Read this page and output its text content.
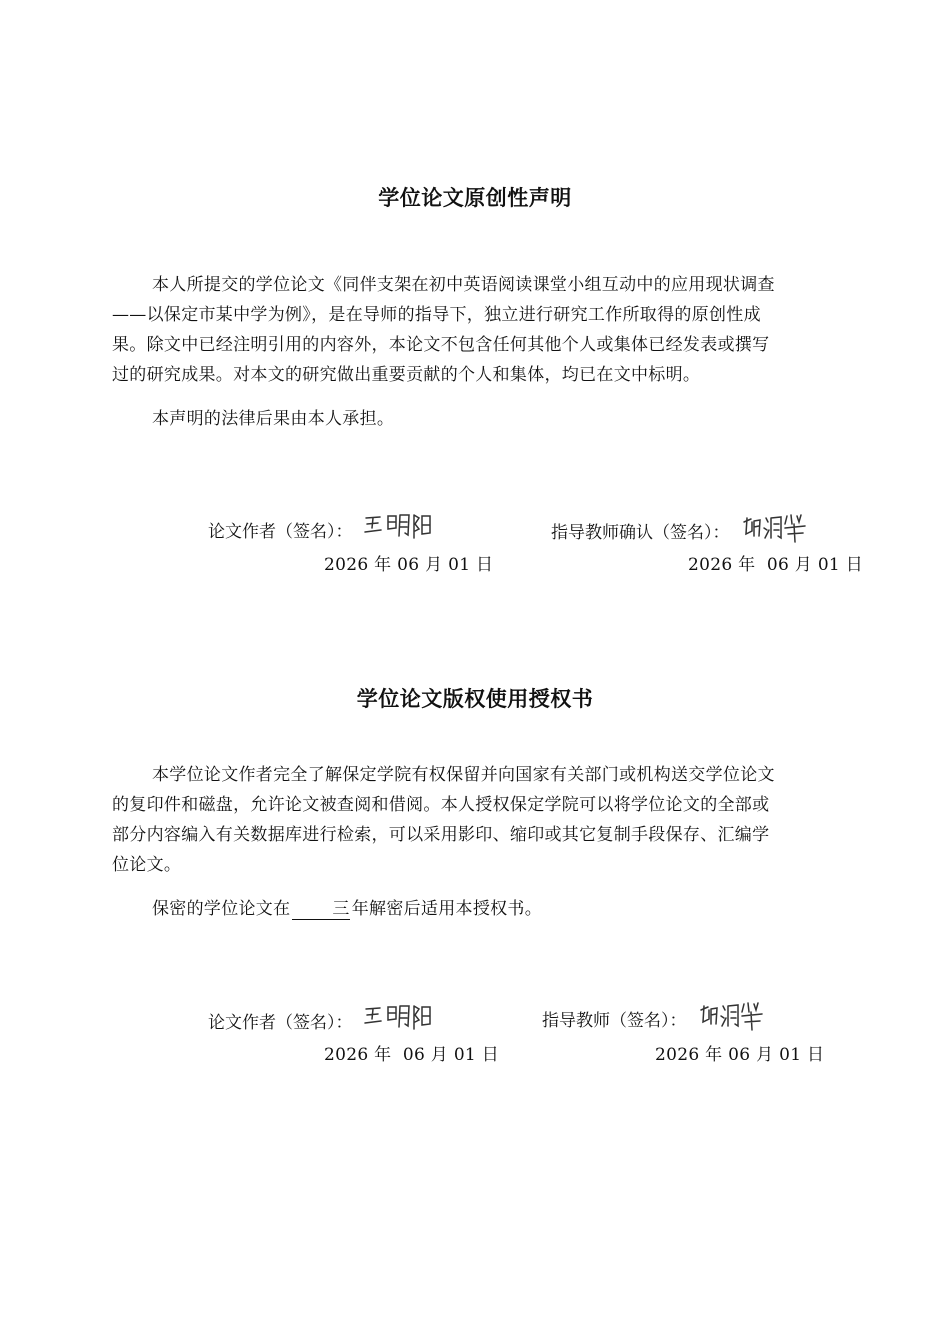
学位论文原创性声明
本人所提交的学位论文《同伴支架在初中英语阅读课堂小组互动中的应用现状调查
——以保定市某中学为例》，是在导师的指导下，独立进行研究工作所取得的原创性成
果。除文中已经注明引用的内容外，本论文不包含任何其他个人或集体已经发表或撰写
过的研究成果。对本文的研究做出重要贡献的个人和集体，均已在文中标明。
本声明的法律后果由本人承担。
论文作者（签名）：	指导教师确认（签名）：
2026 年 06 月 01 日	2026 年  06 月 01 日
学位论文版权使用授权书
本学位论文作者完全了解保定学院有权保留并向国家有关部门或机构送交学位论文
的复印件和磁盘，允许论文被查阅和借阅。本人授权保定学院可以将学位论文的全部或
部分内容编入有关数据库进行检索，可以采用影印、缩印或其它复制手段保存、汇编学
位论文。
保密的学位论文在 三 年解密后适用本授权书。
论文作者（签名）：	指导教师（签名）：
2026 年  06 月 01 日	2026 年 06 月 01 日
